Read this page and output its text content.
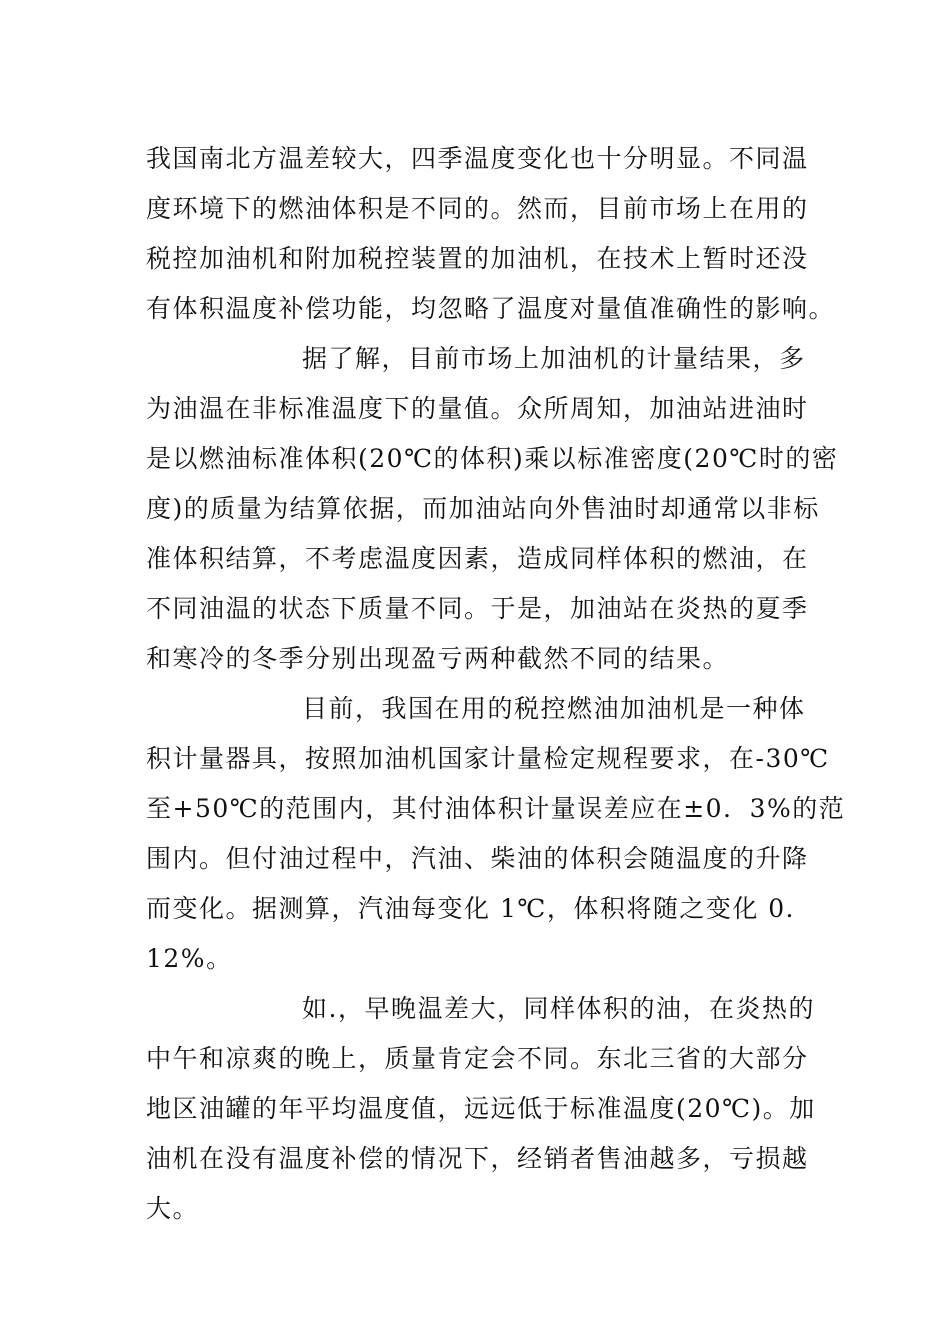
我国南北方温差较大，四季温度变化也十分明显。不同温
度环境下的燃油体积是不同的。然而，目前市场上在用的
税控加油机和附加税控装置的加油机，在技术上暂时还没
有体积温度补偿功能，均忽略了温度对量值准确性的影响。
据了解，目前市场上加油机的计量结果，多
为油温在非标准温度下的量值。众所周知，加油站进油时
是以燃油标准体积(20℃的体积)乘以标准密度(20℃时的密
度)的质量为结算依据，而加油站向外售油时却通常以非标
准体积结算，不考虑温度因素，造成同样体积的燃油，在
不同油温的状态下质量不同。于是，加油站在炎热的夏季
和寒冷的冬季分别出现盈亏两种截然不同的结果。
目前，我国在用的税控燃油加油机是一种体
积计量器具，按照加油机国家计量检定规程要求，在-30℃
至+50℃的范围内，其付油体积计量误差应在±0．3%的范
围内。但付油过程中，汽油、柴油的体积会随温度的升降
而变化。据测算，汽油每变化 1℃，体积将随之变化 0．
12%。
如.，早晚温差大，同样体积的油，在炎热的
中午和凉爽的晚上，质量肯定会不同。东北三省的大部分
地区油罐的年平均温度值，远远低于标准温度(20℃)。加
油机在没有温度补偿的情况下，经销者售油越多，亏损越
大。
